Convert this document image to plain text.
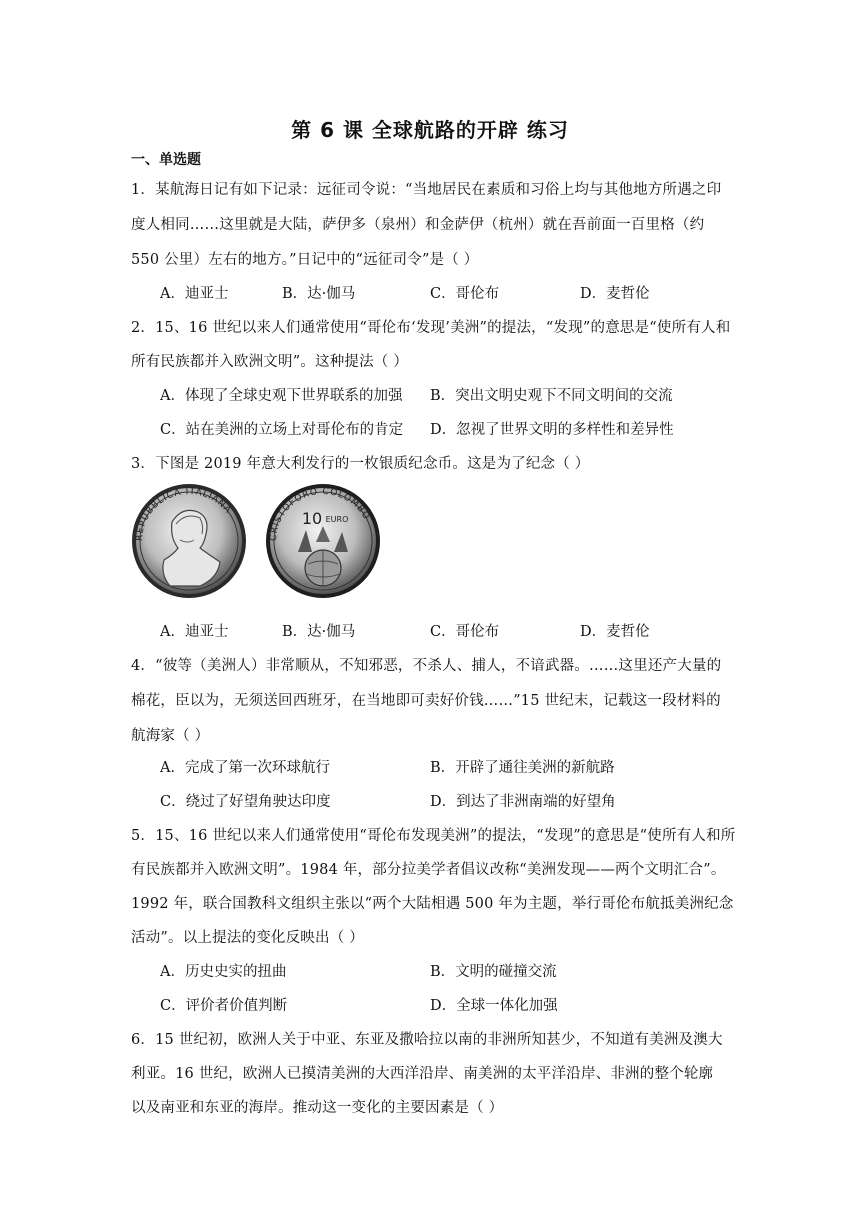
第 6 课 全球航路的开辟 练习
一、单选题
1．某航海日记有如下记录：远征司令说：“当地居民在素质和习俗上均与其他地方所遇之印
度人相同……这里就是大陆，萨伊多（泉州）和金萨伊（杭州）就在吾前面一百里格（约
550 公里）左右的地方。”日记中的“远征司令”是（ ）
A．迪亚士	B．达·伽马	C．哥伦布	D．麦哲伦
2．15、16 世纪以来人们通常使用“哥伦布‘发现’美洲”的提法，“发现”的意思是“使所有人和
所有民族都并入欧洲文明”。这种提法（ ）
A．体现了全球史观下世界联系的加强 B．突出文明史观下不同文明间的交流
C．站在美洲的立场上对哥伦布的肯定 D．忽视了世界文明的多样性和差异性
3．下图是 2019 年意大利发行的一枚银质纪念币。这是为了纪念（ ）
REPUBBLICA ITALIANA
CRISTOFORO COLOMBO
10 EURO
A．迪亚士	B．达·伽马	C．哥伦布	D．麦哲伦
4．“彼等（美洲人）非常顺从，不知邪恶，不杀人、捕人，不谙武器。……这里还产大量的
棉花，臣以为，无须送回西班牙，在当地即可卖好价钱……”15 世纪末，记载这一段材料的
航海家（ ）
A．完成了第一次环球航行	B．开辟了通往美洲的新航路
C．绕过了好望角驶达印度	D．到达了非洲南端的好望角
5．15、16 世纪以来人们通常使用“哥伦布发现美洲”的提法，“发现”的意思是“使所有人和所
有民族都并入欧洲文明”。1984 年，部分拉美学者倡议改称“美洲发现——两个文明汇合”。
1992 年，联合国教科文组织主张以“两个大陆相遇 500 年为主题，举行哥伦布航抵美洲纪念
活动”。以上提法的变化反映出（ ）
A．历史史实的扭曲	B．文明的碰撞交流
C．评价者价值判断	D．全球一体化加强
6．15 世纪初，欧洲人关于中亚、东亚及撒哈拉以南的非洲所知甚少，不知道有美洲及澳大
利亚。16 世纪，欧洲人已摸清美洲的大西洋沿岸、南美洲的太平洋沿岸、非洲的整个轮廓
以及南亚和东亚的海岸。推动这一变化的主要因素是（ ）
